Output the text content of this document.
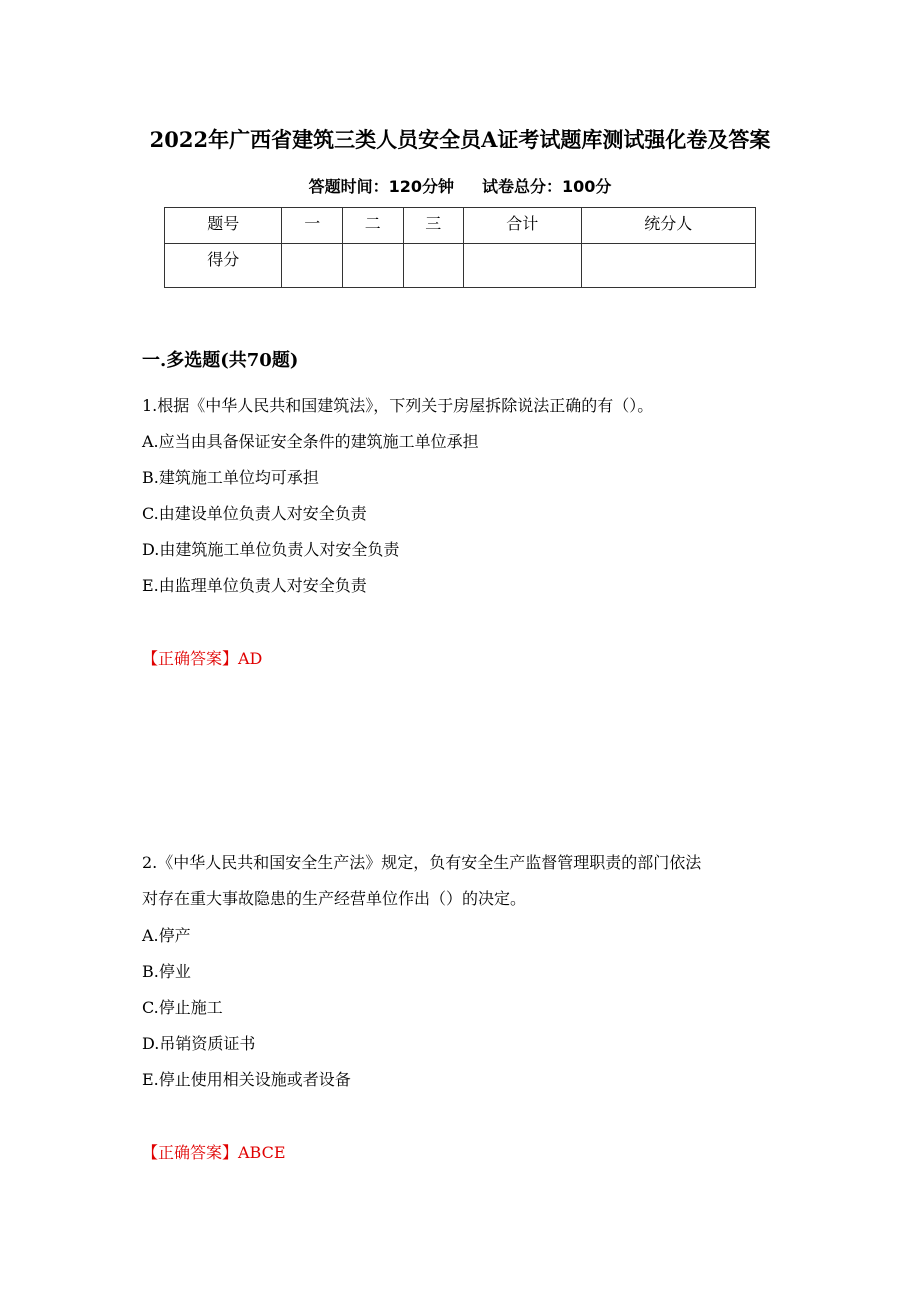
2022年广西省建筑三类人员安全员A证考试题库测试强化卷及答案
答题时间：120分钟 试卷总分：100分
题号	一	二	三	合计	统分人
得分					
一.多选题(共70题)
1.根据《中华人民共和国建筑法》，下列关于房屋拆除说法正确的有（）。
A.应当由具备保证安全条件的建筑施工单位承担
B.建筑施工单位均可承担
C.由建设单位负责人对安全负责
D.由建筑施工单位负责人对安全负责
E.由监理单位负责人对安全负责
【正确答案】AD
2.《中华人民共和国安全生产法》规定，负有安全生产监督管理职责的部门依法
对存在重大事故隐患的生产经营单位作出（）的决定。
A.停产
B.停业
C.停止施工
D.吊销资质证书
E.停止使用相关设施或者设备
【正确答案】ABCE
